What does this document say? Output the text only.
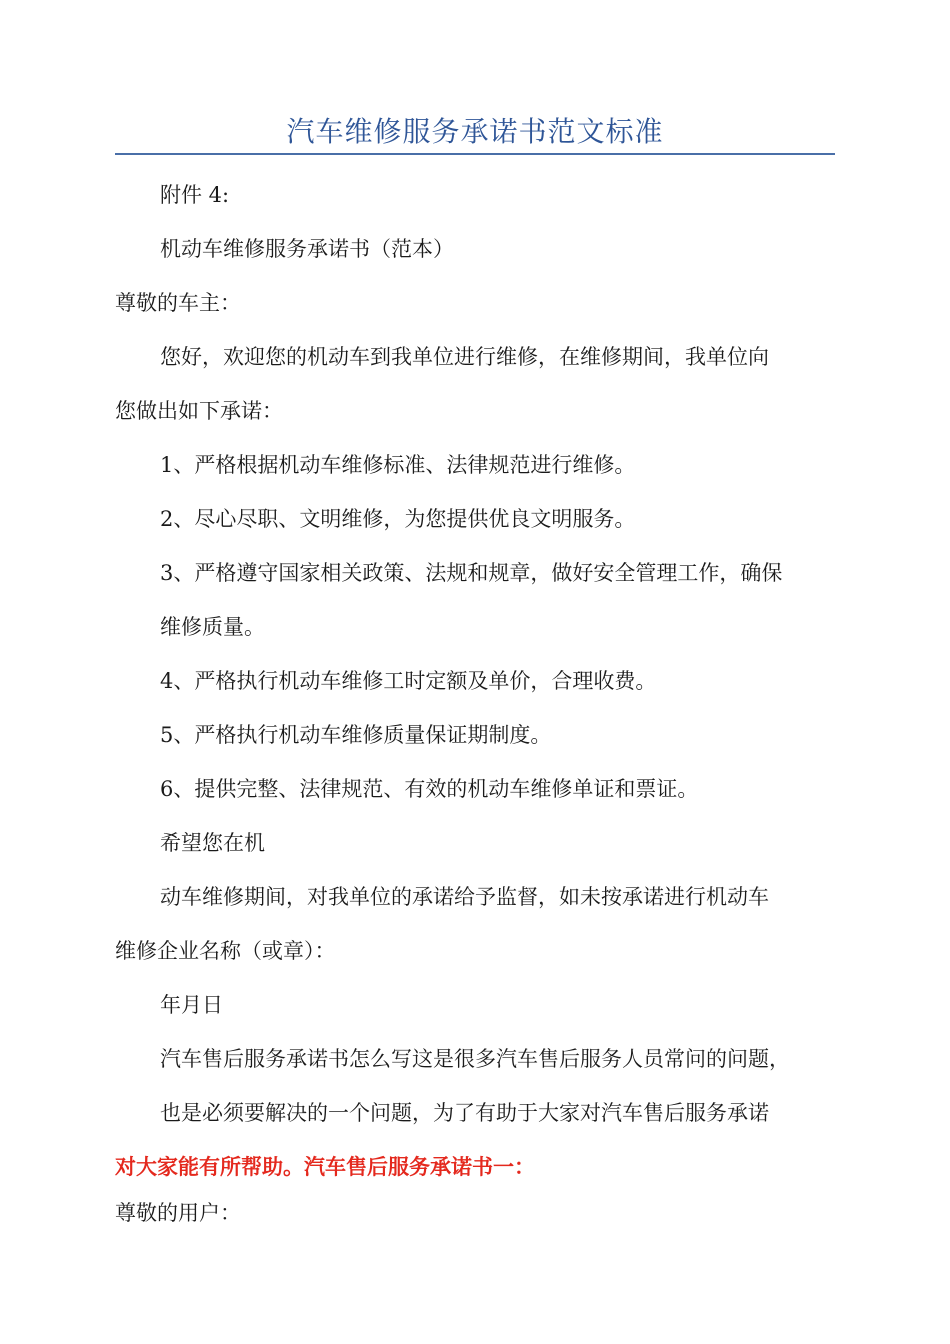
汽车维修服务承诺书范文标准
附件 4:
机动车维修服务承诺书（范本）
尊敬的车主：
您好，欢迎您的机动车到我单位进行维修，在维修期间，我单位向
您做出如下承诺：
1、严格根据机动车维修标准、法律规范进行维修。
2、尽心尽职、文明维修，为您提供优良文明服务。
3、严格遵守国家相关政策、法规和规章，做好安全管理工作，确保
维修质量。
4、严格执行机动车维修工时定额及单价，合理收费。
5、严格执行机动车维修质量保证期制度。
6、提供完整、法律规范、有效的机动车维修单证和票证。
希望您在机
动车维修期间，对我单位的承诺给予监督，如未按承诺进行机动车
维修企业名称（或章）：
年月日
汽车售后服务承诺书怎么写这是很多汽车售后服务人员常问的问题，
也是必须要解决的一个问题，为了有助于大家对汽车售后服务承诺
对大家能有所帮助。汽车售后服务承诺书一：
尊敬的用户：
